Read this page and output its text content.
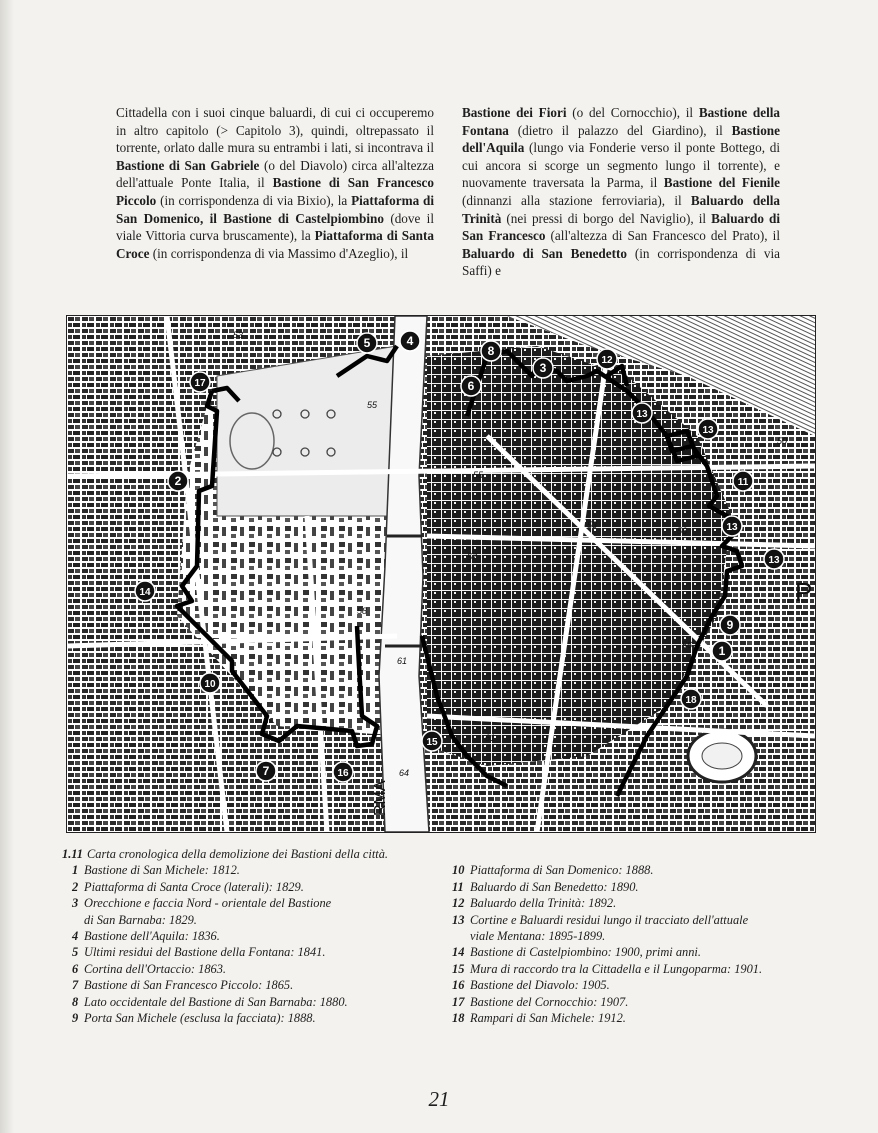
Cittadella con i suoi cinque baluardi, di cui ci occuperemo in altro capitolo (> Capitolo 3), quindi, oltrepassato il torrente, orlato dalle mura su entrambi i lati, si incontrava il Bastione di San Gabriele (o del Diavolo) circa all'altezza dell'attuale Ponte Italia, il Bastione di San Francesco Piccolo (in corrispondenza di via Bixio), la Piattaforma di San Domenico, il Bastione di Castelpiombino (dove il viale Vittoria curva bruscamente), la Piattaforma di Santa Croce (in corrispondenza di via Massimo d'Azeglio), il
Bastione dei Fiori (o del Cornocchio), il Bastione della Fontana (dietro il palazzo del Giardino), il Bastione dell'Aquila (lungo via Fonderie verso il ponte Bottego, di cui ancora si scorge un segmento lungo il torrente), e nuovamente traversata la Parma, il Bastione del Fienile (dinnanzi alla stazione ferroviaria), il Baluardo della Trinità (nei pressi di borgo del Naviglio), il Baluardo di San Francesco (all'altezza di San Francesco del Prato), il Baluardo di San Benedetto (in corrispondenza di via Saffi) e
53
55
50
55
53
56
57
56
58
61
61
64
P
RMA
1
2
3
4
5
6
7
8
9
10
11
12
13
13
13
13
14
15
16
17
18
1.11 Carta cronologica della demolizione dei Bastioni della città.
1 Bastione di San Michele: 1812.
2 Piattaforma di Santa Croce (laterali): 1829.
3 Orecchione e faccia Nord - orientale del Bastione
di San Barnaba: 1829.
4 Bastione dell'Aquila: 1836.
5 Ultimi residui del Bastione della Fontana: 1841.
6 Cortina dell'Ortaccio: 1863.
7 Bastione di San Francesco Piccolo: 1865.
8 Lato occidentale del Bastione di San Barnaba: 1880.
9 Porta San Michele (esclusa la facciata): 1888.

10 Piattaforma di San Domenico: 1888.
11 Baluardo di San Benedetto: 1890.
12 Baluardo della Trinità: 1892.
13 Cortine e Baluardi residui lungo il tracciato dell'attuale
viale Mentana: 1895-1899.
14 Bastione di Castelpiombino: 1900, primi anni.
15 Mura di raccordo tra la Cittadella e il Lungoparma: 1901.
16 Bastione del Diavolo: 1905.
17 Bastione del Cornocchio: 1907.
18 Rampari di San Michele: 1912.
21
